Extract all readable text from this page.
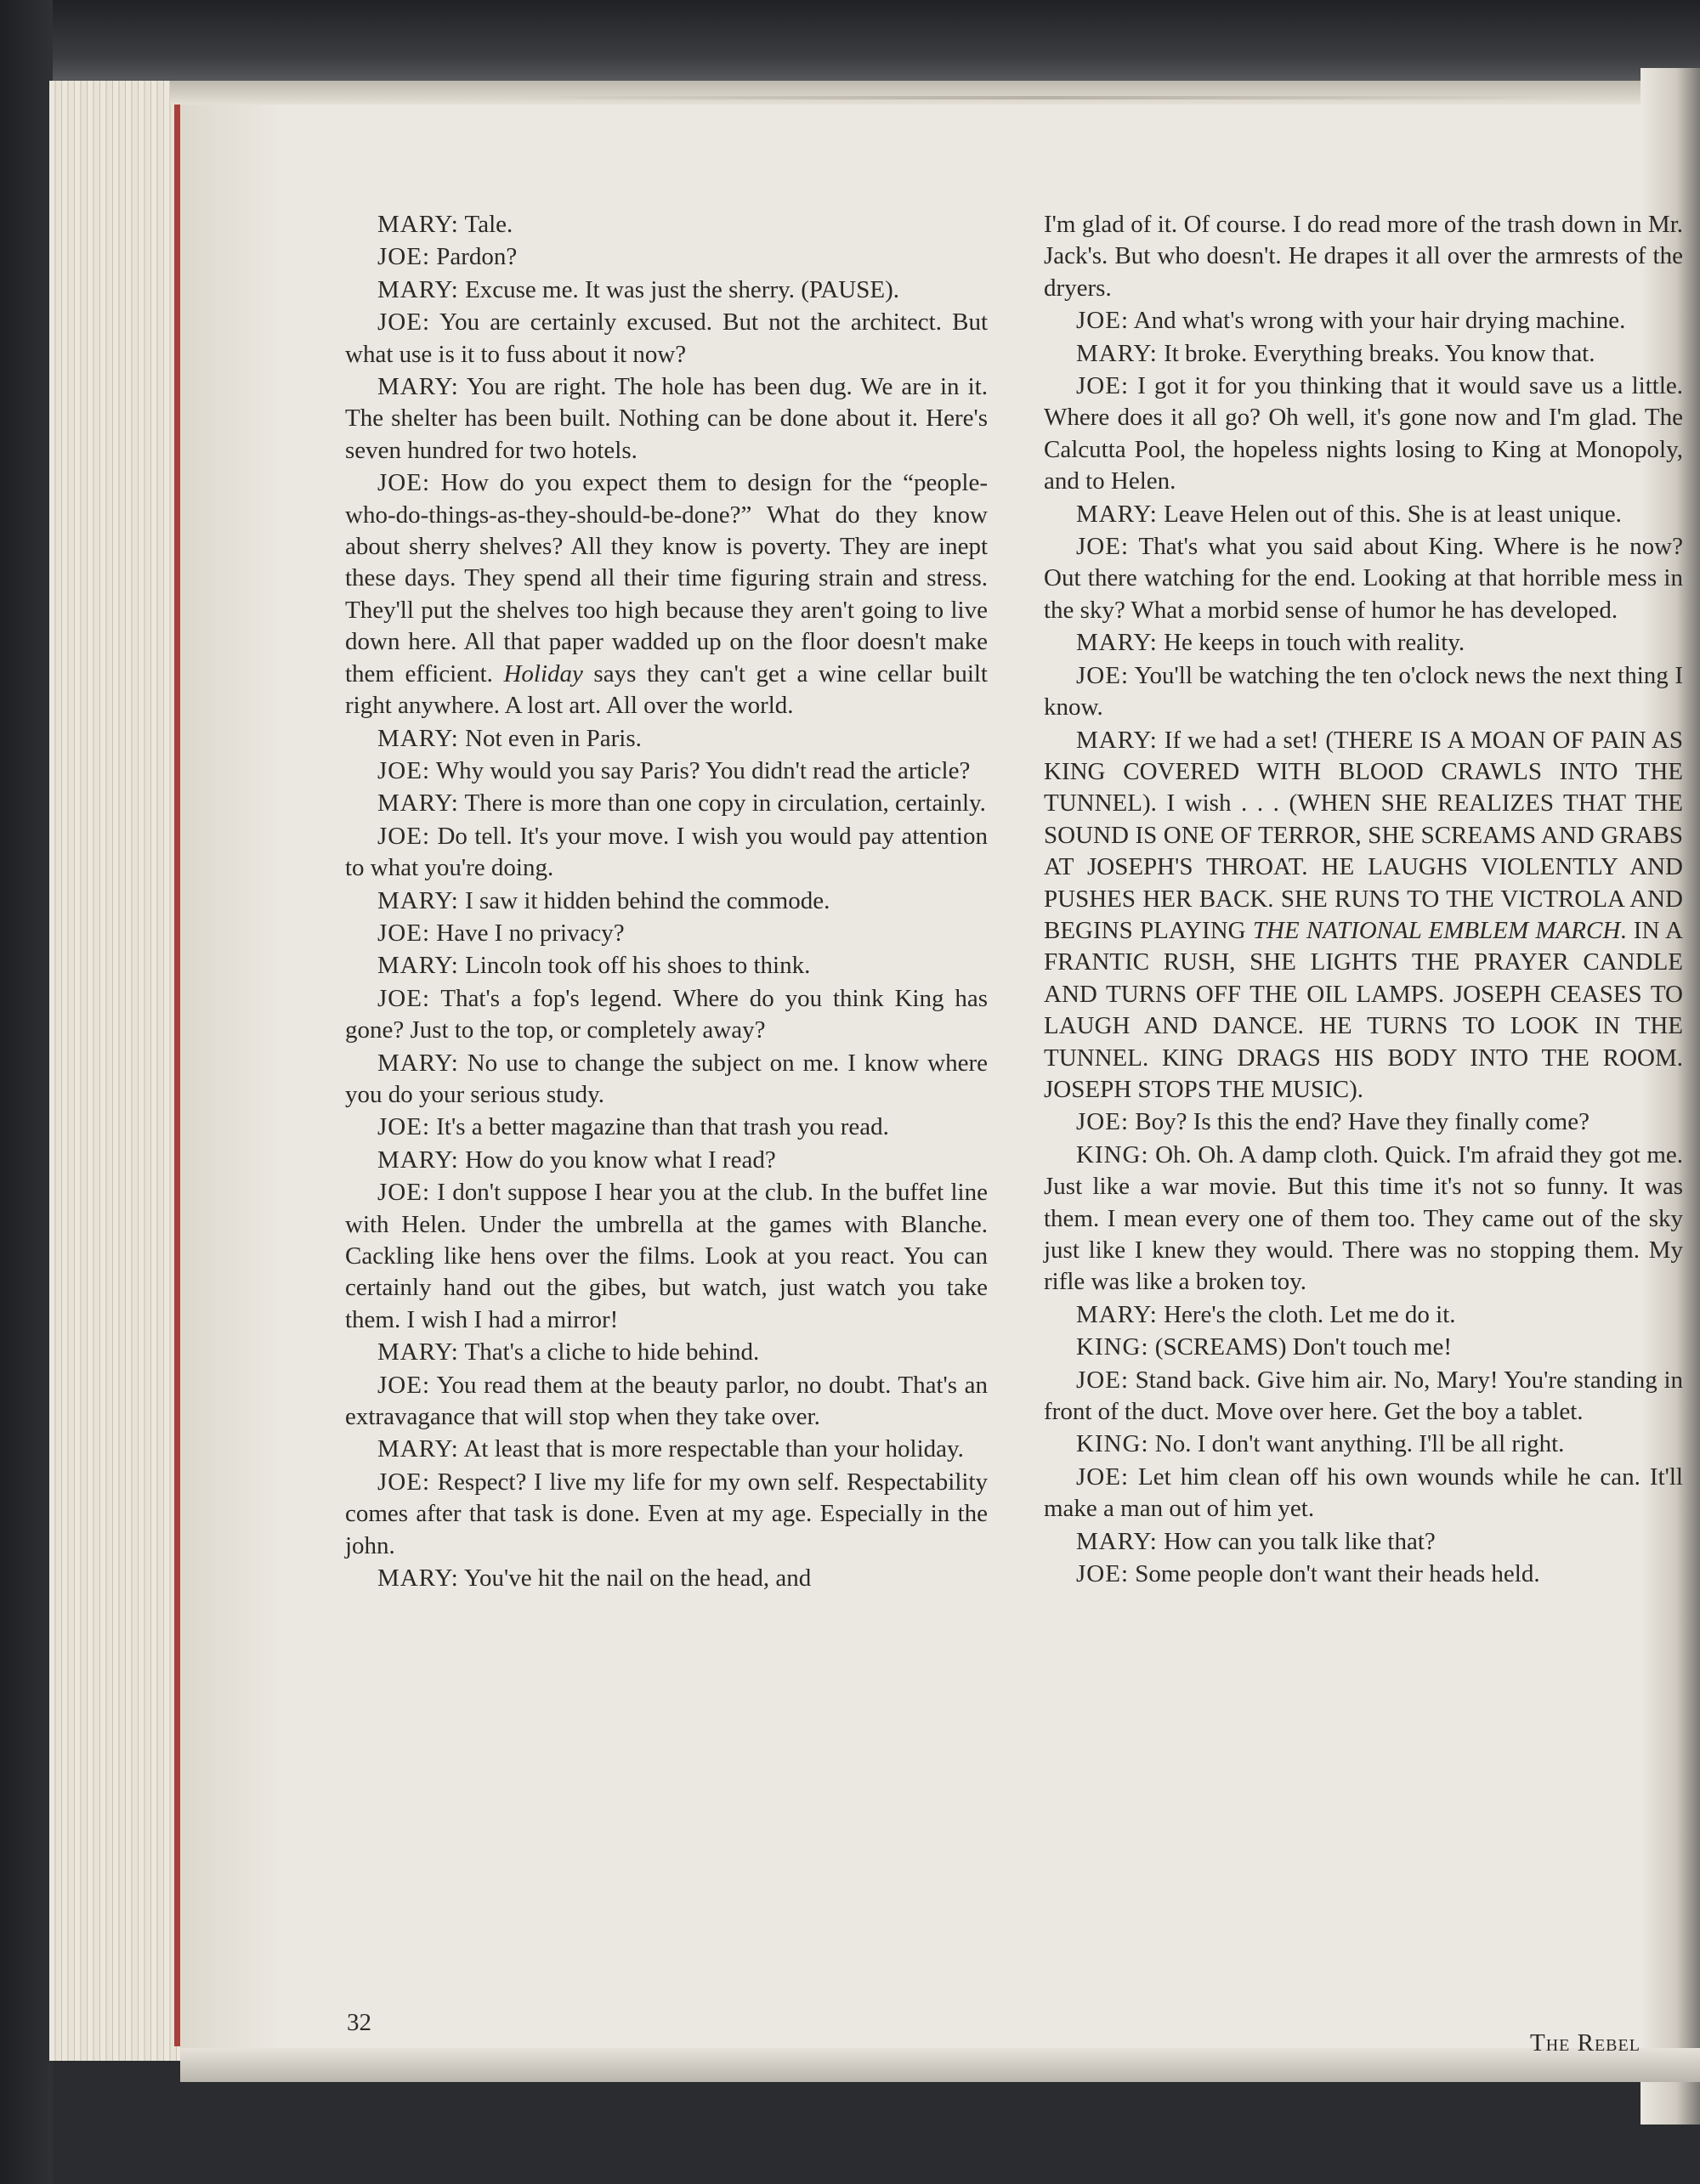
MARY: Tale.

JOE: Pardon?

MARY: Excuse me. It was just the sherry. (PAUSE).

JOE: You are certainly excused. But not the architect. But what use is it to fuss about it now?

MARY: You are right. The hole has been dug. We are in it. The shelter has been built. Nothing can be done about it. Here's seven hundred for two hotels.

JOE: How do you expect them to design for the “people-who-do-things-as-they-should-be-done?” What do they know about sherry shelves? All they know is poverty. They are inept these days. They spend all their time figuring strain and stress. They'll put the shelves too high because they aren't going to live down here. All that paper wadded up on the floor doesn't make them efficient. Holiday says they can't get a wine cellar built right anywhere. A lost art. All over the world.

MARY: Not even in Paris.

JOE: Why would you say Paris? You didn't read the article?

MARY: There is more than one copy in circulation, certainly.

JOE: Do tell. It's your move. I wish you would pay attention to what you're doing.

MARY: I saw it hidden behind the commode.

JOE: Have I no privacy?

MARY: Lincoln took off his shoes to think.

JOE: That's a fop's legend. Where do you think King has gone? Just to the top, or completely away?

MARY: No use to change the subject on me. I know where you do your serious study.

JOE: It's a better magazine than that trash you read.

MARY: How do you know what I read?

JOE: I don't suppose I hear you at the club. In the buffet line with Helen. Under the umbrella at the games with Blanche. Cackling like hens over the films. Look at you react. You can certainly hand out the gibes, but watch, just watch you take them. I wish I had a mirror!

MARY: That's a cliche to hide behind.

JOE: You read them at the beauty parlor, no doubt. That's an extravagance that will stop when they take over.

MARY: At least that is more respectable than your holiday.

JOE: Respect? I live my life for my own self. Respectability comes after that task is done. Even at my age. Especially in the john.

MARY: You've hit the nail on the head, and

I'm glad of it. Of course. I do read more of the trash down in Mr. Jack's. But who doesn't. He drapes it all over the armrests of the dryers.

JOE: And what's wrong with your hair drying machine.

MARY: It broke. Everything breaks. You know that.

JOE: I got it for you thinking that it would save us a little. Where does it all go? Oh well, it's gone now and I'm glad. The Calcutta Pool, the hopeless nights losing to King at Monopoly, and to Helen.

MARY: Leave Helen out of this. She is at least unique.

JOE: That's what you said about King. Where is he now? Out there watching for the end. Looking at that horrible mess in the sky? What a morbid sense of humor he has developed.

MARY: He keeps in touch with reality.

JOE: You'll be watching the ten o'clock news the next thing I know.

MARY: If we had a set! (THERE IS A MOAN OF PAIN AS KING COVERED WITH BLOOD CRAWLS INTO THE TUNNEL). I wish . . . (WHEN SHE REALIZES THAT THE SOUND IS ONE OF TERROR, SHE SCREAMS AND GRABS AT JOSEPH'S THROAT. HE LAUGHS VIOLENTLY AND PUSHES HER BACK. SHE RUNS TO THE VICTROLA AND BEGINS PLAYING THE NATIONAL EMBLEM MARCH. IN A FRANTIC RUSH, SHE LIGHTS THE PRAYER CANDLE AND TURNS OFF THE OIL LAMPS. JOSEPH CEASES TO LAUGH AND DANCE. HE TURNS TO LOOK IN THE TUNNEL. KING DRAGS HIS BODY INTO THE ROOM. JOSEPH STOPS THE MUSIC).

JOE: Boy? Is this the end? Have they finally come?

KING: Oh. Oh. A damp cloth. Quick. I'm afraid they got me. Just like a war movie. But this time it's not so funny. It was them. I mean every one of them too. They came out of the sky just like I knew they would. There was no stopping them. My rifle was like a broken toy.

MARY: Here's the cloth. Let me do it.

KING: (SCREAMS) Don't touch me!

JOE: Stand back. Give him air. No, Mary! You're standing in front of the duct. Move over here. Get the boy a tablet.

KING: No. I don't want anything. I'll be all right.

JOE: Let him clean off his own wounds while he can. It'll make a man out of him yet.

MARY: How can you talk like that?

JOE: Some people don't want their heads held.

32
The Rebel
